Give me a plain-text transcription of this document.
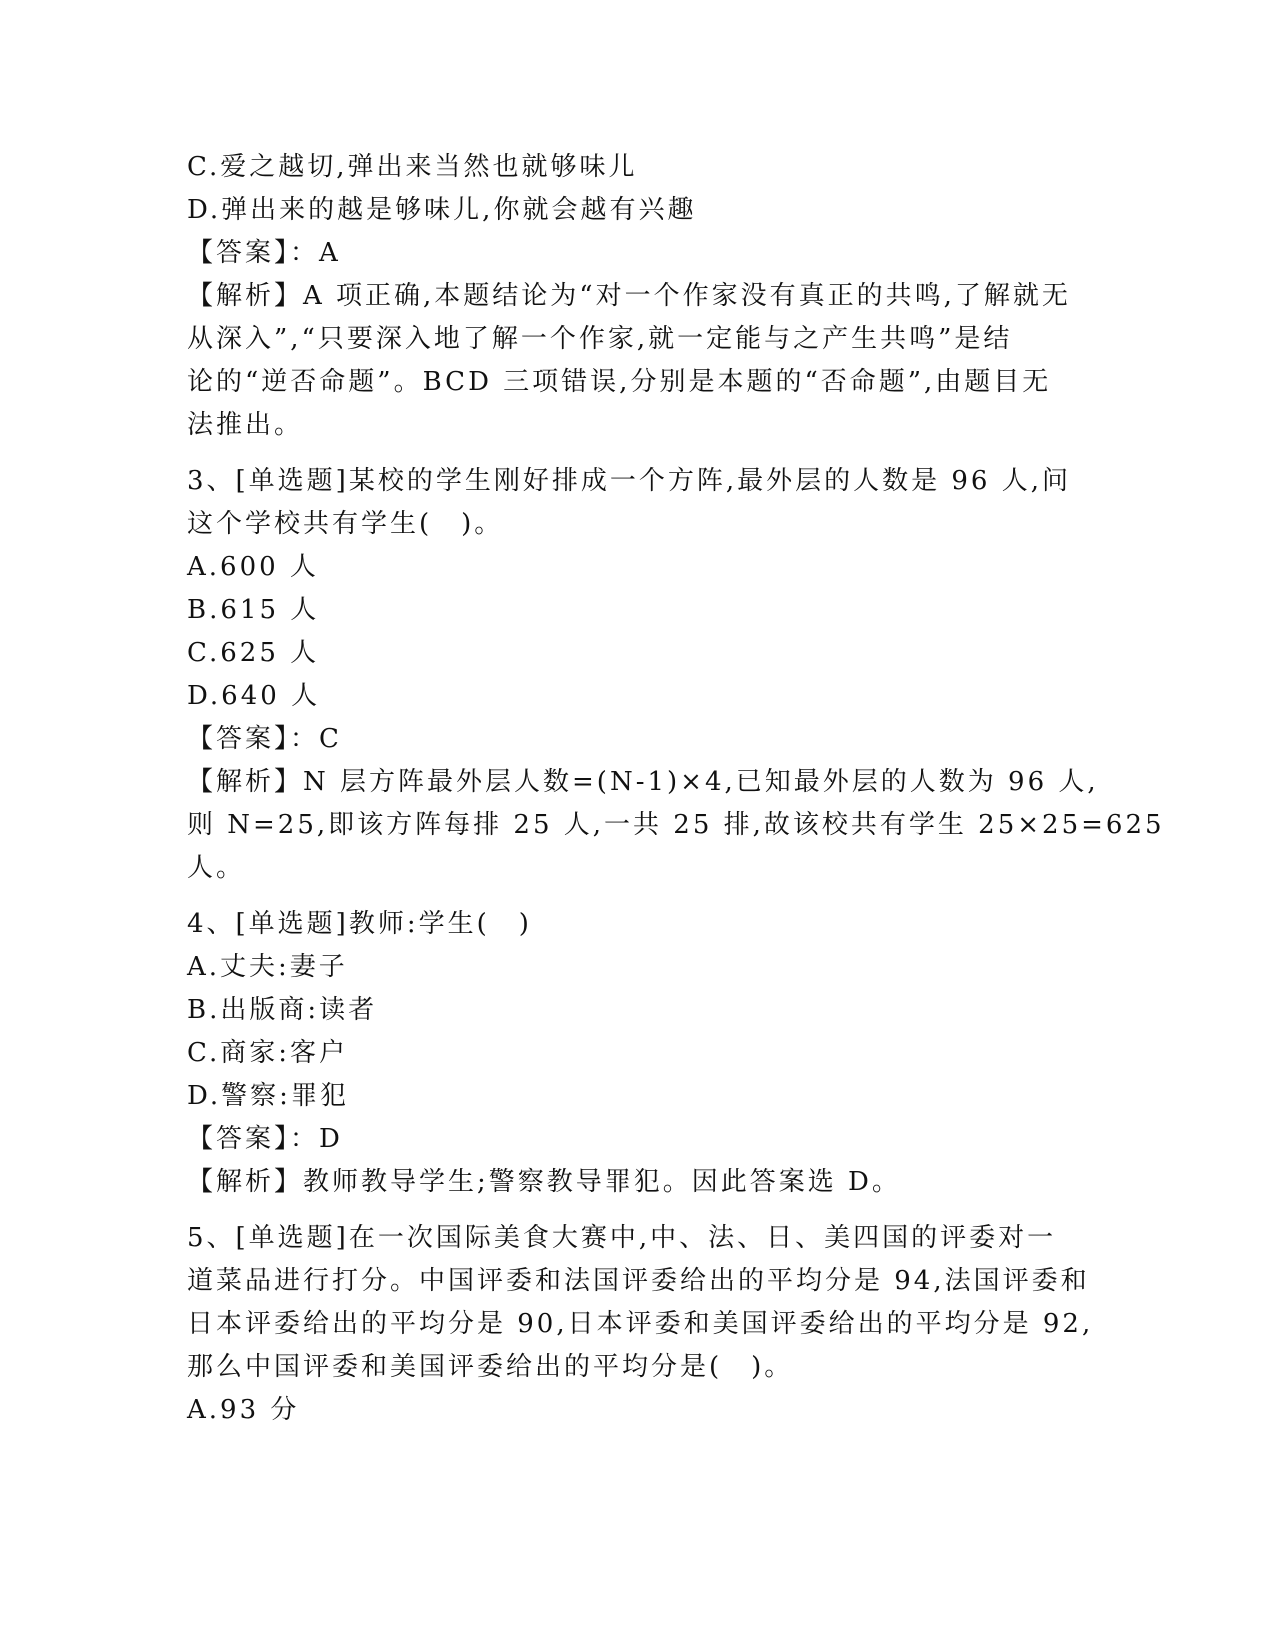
C.爱之越切,弹出来当然也就够味儿
D.弹出来的越是够味儿,你就会越有兴趣
【答案】：A
【解析】A 项正确,本题结论为“对一个作家没有真正的共鸣,了解就无
从深入”,“只要深入地了解一个作家,就一定能与之产生共鸣”是结
论的“逆否命题”。BCD 三项错误,分别是本题的“否命题”,由题目无
法推出。
3、[单选题]某校的学生刚好排成一个方阵,最外层的人数是 96 人,问
这个学校共有学生(　)。
A.600 人
B.615 人
C.625 人
D.640 人
【答案】：C
【解析】N 层方阵最外层人数=(N-1)×4,已知最外层的人数为 96 人,
则 N=25,即该方阵每排 25 人,一共 25 排,故该校共有学生 25×25=625
人。
4、[单选题]教师:学生(　)
A.丈夫:妻子
B.出版商:读者
C.商家:客户
D.警察:罪犯
【答案】：D
【解析】教师教导学生;警察教导罪犯。因此答案选 D。
5、[单选题]在一次国际美食大赛中,中、法、日、美四国的评委对一
道菜品进行打分。中国评委和法国评委给出的平均分是 94,法国评委和
日本评委给出的平均分是 90,日本评委和美国评委给出的平均分是 92,
那么中国评委和美国评委给出的平均分是(　)。
A.93 分
